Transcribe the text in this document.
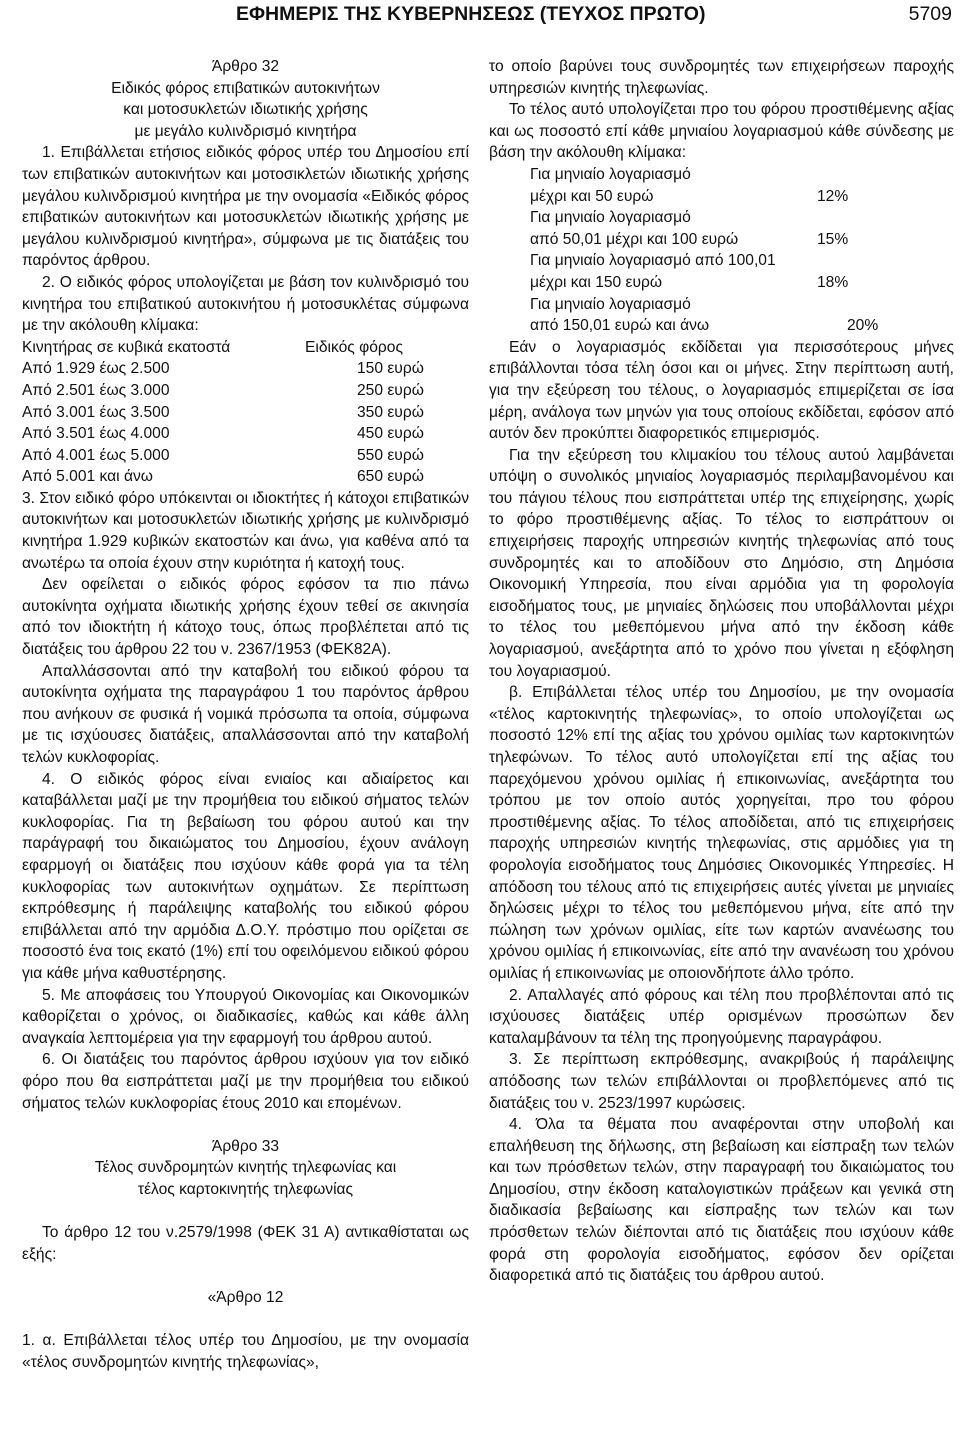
ΕΦΗΜΕΡΙΣ ΤΗΣ ΚΥΒΕΡΝΗΣΕΩΣ (ΤΕΥΧΟΣ ΠΡΩΤΟ)	5709

Άρθρο 32

Ειδικός φόρος επιβατικών αυτοκινήτων

και μοτοσυκλετών ιδιωτικής χρήσης

με μεγάλο κυλινδρισμό κινητήρα

1. Επιβάλλεται ετήσιος ειδικός φόρος υπέρ του Δημοσίου επί των επιβατικών αυτοκινήτων και μοτοσικλετών ιδιωτικής χρήσης μεγάλου κυλινδρισμού κινητήρα με την ονομασία «Ειδικός φόρος επιβατικών αυτοκινήτων και μοτοσυκλετών ιδιωτικής χρήσης με μεγάλου κυλινδρισμού κινητήρα», σύμφωνα με τις διατάξεις του παρόντος άρθρου.

2. Ο ειδικός φόρος υπολογίζεται με βάση τον κυλινδρισμό του κινητήρα του επιβατικού αυτοκινήτου ή μοτοσυκλέτας σύμφωνα με την ακόλουθη κλίμακα:

Κινητήρας σε κυβικά εκατοστά	Ειδικός φόρος
Από 1.929 έως 2.500	150 ευρώ
Από 2.501 έως 3.000	250 ευρώ
Από 3.001 έως 3.500	350 ευρώ
Από 3.501 έως 4.000	450 ευρώ
Από 4.001 έως 5.000	550 ευρώ
Από 5.001 και άνω	650 ευρώ

3. Στον ειδικό φόρο υπόκεινται οι ιδιοκτήτες ή κάτοχοι επιβατικών αυτοκινήτων και μοτοσυκλετών ιδιωτικής χρήσης με κυλινδρισμό κινητήρα 1.929 κυβικών εκατοστών και άνω, για καθένα από τα ανωτέρω τα οποία έχουν στην κυριότητα ή κατοχή τους.

Δεν οφείλεται ο ειδικός φόρος εφόσον τα πιο πάνω αυτοκίνητα οχήματα ιδιωτικής χρήσης έχουν τεθεί σε ακινησία από τον ιδιοκτήτη ή κάτοχο τους, όπως προβλέπεται από τις διατάξεις του άρθρου 22 του ν. 2367/1953 (ΦΕΚ82Α).

Απαλλάσσονται από την καταβολή του ειδικού φόρου τα αυτοκίνητα οχήματα της παραγράφου 1 του παρόντος άρθρου που ανήκουν σε φυσικά ή νομικά πρόσωπα τα οποία, σύμφωνα με τις ισχύουσες διατάξεις, απαλλάσσονται από την καταβολή τελών κυκλοφορίας.

4. Ο ειδικός φόρος είναι ενιαίος και αδιαίρετος και καταβάλλεται μαζί με την προμήθεια του ειδικού σήματος τελών κυκλοφορίας. Για τη βεβαίωση του φόρου αυτού και την παράγραφή του δικαιώματος του Δημοσίου, έχουν ανάλογη εφαρμογή οι διατάξεις που ισχύουν κάθε φορά για τα τέλη κυκλοφορίας των αυτοκινήτων οχημάτων. Σε περίπτωση εκπρόθεσμης ή παράλειψης καταβολής του ειδικού φόρου επιβάλλεται από την αρμόδια Δ.Ο.Υ. πρόστιμο που ορίζεται σε ποσοστό ένα τοις εκατό (1%) επί του οφειλόμενου ειδικού φόρου για κάθε μήνα καθυστέρησης.

5. Με αποφάσεις του Υπουργού Οικονομίας και Οικονομικών καθορίζεται ο χρόνος, οι διαδικασίες, καθώς και κάθε άλλη αναγκαία λεπτομέρεια για την εφαρμογή του άρθρου αυτού.

6. Οι διατάξεις του παρόντος άρθρου ισχύουν για τον ειδικό φόρο που θα εισπράττεται μαζί με την προμήθεια του ειδικού σήματος τελών κυκλοφορίας έτους 2010 και επομένων.

Άρθρο 33

Τέλος συνδρομητών κινητής τηλεφωνίας και

τέλος καρτοκινητής τηλεφωνίας

Το άρθρο 12 του ν.2579/1998 (ΦΕΚ 31 Α) αντικαθίσταται ως εξής:

«Άρθρο 12

1. α. Επιβάλλεται τέλος υπέρ του Δημοσίου, με την ονομασία «τέλος συνδρομητών κινητής τηλεφωνίας»,

το οποίο βαρύνει τους συνδρομητές των επιχειρήσεων παροχής υπηρεσιών κινητής τηλεφωνίας.

Το τέλος αυτό υπολογίζεται προ του φόρου προστιθέμενης αξίας και ως ποσοστό επί κάθε μηνιαίου λογαριασμού κάθε σύνδεσης με βάση την ακόλουθη κλίμακα:

Για μηνιαίο λογαριασμό

μέχρι και 50 ευρώ	12%

Για μηνιαίο λογαριασμό

από 50,01 μέχρι και 100 ευρώ	15%

Για μηνιαίο λογαριασμό από 100,01

μέχρι και 150 ευρώ	18%

Για μηνιαίο λογαριασμό

από 150,01 ευρώ και άνω	20%

Εάν ο λογαριασμός εκδίδεται για περισσότερους μήνες επιβάλλονται τόσα τέλη όσοι και οι μήνες. Στην περίπτωση αυτή, για την εξεύρεση του τέλους, ο λογαριασμός επιμερίζεται σε ίσα μέρη, ανάλογα των μηνών για τους οποίους εκδίδεται, εφόσον από αυτόν δεν προκύπτει διαφορετικός επιμερισμός.

Για την εξεύρεση του κλιμακίου του τέλους αυτού λαμβάνεται υπόψη ο συνολικός μηνιαίος λογαριασμός περιλαμβανομένου και του πάγιου τέλους που εισπράττεται υπέρ της επιχείρησης, χωρίς το φόρο προστιθέμενης αξίας. Το τέλος το εισπράττουν οι επιχειρήσεις παροχής υπηρεσιών κινητής τηλεφωνίας από τους συνδρομητές και το αποδίδουν στο Δημόσιο, στη Δημόσια Οικονομική Υπηρεσία, που είναι αρμόδια για τη φορολογία εισοδήματος τους, με μηνιαίες δηλώσεις που υποβάλλονται μέχρι το τέλος του μεθεπόμενου μήνα από την έκδοση κάθε λογαριασμού, ανεξάρτητα από το χρόνο που γίνεται η εξόφληση του λογαριασμού.

β. Επιβάλλεται τέλος υπέρ του Δημοσίου, με την ονομασία «τέλος καρτοκινητής τηλεφωνίας», το οποίο υπολογίζεται ως ποσοστό 12% επί της αξίας του χρόνου ομιλίας των καρτοκινητών τηλεφώνων. Το τέλος αυτό υπολογίζεται επί της αξίας του παρεχόμενου χρόνου ομιλίας ή επικοινωνίας, ανεξάρτητα του τρόπου με τον οποίο αυτός χορηγείται, προ του φόρου προστιθέμενης αξίας. Το τέλος αποδίδεται, από τις επιχειρήσεις παροχής υπηρεσιών κινητής τηλεφωνίας, στις αρμόδιες για τη φορολογία εισοδήματος τους Δημόσιες Οικονομικές Υπηρεσίες. Η απόδοση του τέλους από τις επιχειρήσεις αυτές γίνεται με μηνιαίες δηλώσεις μέχρι το τέλος του μεθεπόμενου μήνα, είτε από την πώληση των χρόνων ομιλίας, είτε των καρτών ανανέωσης του χρόνου ομιλίας ή επικοινωνίας, είτε από την ανανέωση του χρόνου ομιλίας ή επικοινωνίας με οποιονδήποτε άλλο τρόπο.

2. Απαλλαγές από φόρους και τέλη που προβλέπονται από τις ισχύουσες διατάξεις υπέρ ορισμένων προσώπων δεν καταλαμβάνουν τα τέλη της προηγούμενης παραγράφου.

3. Σε περίπτωση εκπρόθεσμης, ανακριβούς ή παράλειψης απόδοσης των τελών επιβάλλονται οι προβλεπόμενες από τις διατάξεις του ν. 2523/1997 κυρώσεις.

4. Όλα τα θέματα που αναφέρονται στην υποβολή και επαλήθευση της δήλωσης, στη βεβαίωση και είσπραξη των τελών και των πρόσθετων τελών, στην παραγραφή του δικαιώματος του Δημοσίου, στην έκδοση καταλογιστικών πράξεων και γενικά στη διαδικασία βεβαίωσης και είσπραξης των τελών και των πρόσθετων τελών διέπονται από τις διατάξεις που ισχύουν κάθε φορά στη φορολογία εισοδήματος, εφόσον δεν ορίζεται διαφορετικά από τις διατάξεις του άρθρου αυτού.
